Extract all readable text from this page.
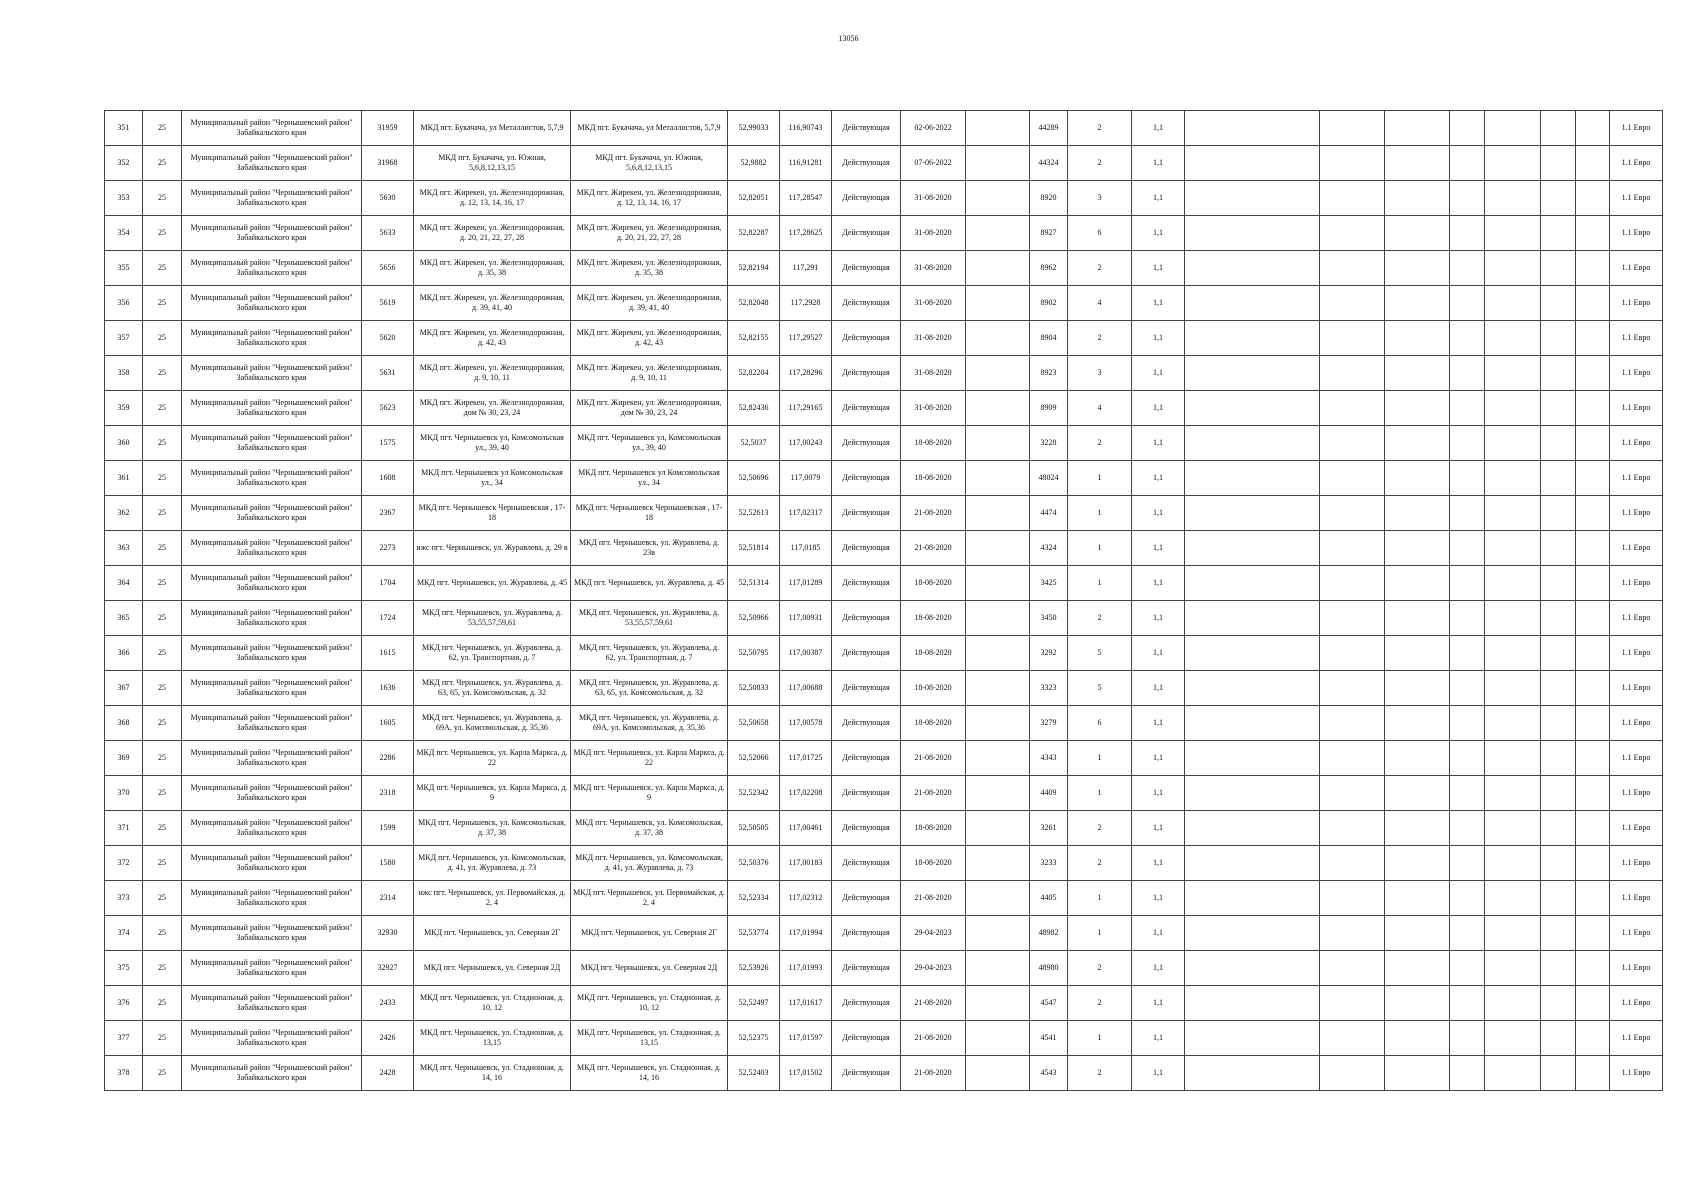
13056
351	25	Муниципальный район "Чернышевский район" Забайкальского края	31959	МКД пгт. Букачача, ул Металлистов, 5,7,9	МКД пгт. Букачача, ул Металлистов, 5,7,9	52,99033	116,90743	Действующая	02-06-2022		44289	2	1,1								1.1 Евро
352	25	Муниципальный район "Чернышевский район" Забайкальского края	31968	МКД пгт. Букачача, ул. Южная, 5,6,8,12,13,15	МКД пгт. Букачача, ул. Южная, 5,6,8,12,13,15	52,9882	116,91281	Действующая	07-06-2022		44324	2	1,1								1.1 Евро
353	25	Муниципальный район "Чернышевский район" Забайкальского края	5630	МКД пгт. Жирекен, ул. Железнодорожная, д. 12, 13, 14, 16, 17	МКД пгт. Жирекен, ул. Железнодорожная, д. 12, 13, 14, 16, 17	52,82051	117,28547	Действующая	31-08-2020		8920	3	1,1								1.1 Евро
354	25	Муниципальный район "Чернышевский район" Забайкальского края	5633	МКД пгт. Жирекен, ул. Железнодорожная, д. 20, 21, 22, 27, 28	МКД пгт. Жирекен, ул. Железнодорожная, д. 20, 21, 22, 27, 28	52,82287	117,28625	Действующая	31-08-2020		8927	6	1,1								1.1 Евро
355	25	Муниципальный район "Чернышевский район" Забайкальского края	5656	МКД пгт. Жирекен, ул. Железнодорожная, д. 35, 38	МКД пгт. Жирекен, ул. Железнодорожная, д. 35, 38	52,82194	117,291	Действующая	31-08-2020		8962	2	1,1								1.1 Евро
356	25	Муниципальный район "Чернышевский район" Забайкальского края	5619	МКД пгт. Жирекен, ул. Железнодорожная, д. 39, 41, 40	МКД пгт. Жирекен, ул. Железнодорожная, д. 39, 41, 40	52,82048	117,2928	Действующая	31-08-2020		8902	4	1,1								1.1 Евро
357	25	Муниципальный район "Чернышевский район" Забайкальского края	5620	МКД пгт. Жирекен, ул. Железнодорожная, д. 42, 43	МКД пгт. Жирекен, ул. Железнодорожная, д. 42, 43	52,82155	117,29527	Действующая	31-08-2020		8904	2	1,1								1.1 Евро
358	25	Муниципальный район "Чернышевский район" Забайкальского края	5631	МКД пгт. Жирекен, ул. Железнодорожная, д. 9, 10, 11	МКД пгт. Жирекен, ул. Железнодорожная, д. 9, 10, 11	52,82204	117,28296	Действующая	31-08-2020		8923	3	1,1								1.1 Евро
359	25	Муниципальный район "Чернышевский район" Забайкальского края	5623	МКД пгт. Жирекен, ул. Железнодорожная, дом № 30, 23, 24	МКД пгт. Жирекен, ул. Железнодорожная, дом № 30, 23, 24	52,82436	117,29165	Действующая	31-08-2020		8909	4	1,1								1.1 Евро
360	25	Муниципальный район "Чернышевский район" Забайкальского края	1575	МКД пгт. Чернышевск ул, Комсомольская ул., 39, 40	МКД пгт. Чернышевск ул, Комсомольская ул., 39, 40	52,5037	117,00243	Действующая	18-08-2020		3228	2	1,1								1.1 Евро
361	25	Муниципальный район "Чернышевский район" Забайкальского края	1608	МКД пгт. Чернышевск ул Комсомольская ул., 34	МКД пгт. Чернышевск ул Комсомольская ул., 34	52,50696	117,0079	Действующая	18-08-2020		48024	1	1,1								1.1 Евро
362	25	Муниципальный район "Чернышевский район" Забайкальского края	2367	МКД пгт. Чернышевск Чернышевская , 17-18	МКД пгт. Чернышевск Чернышевская , 17-18	52,52613	117,02317	Действующая	21-08-2020		4474	1	1,1								1.1 Евро
363	25	Муниципальный район "Чернышевский район" Забайкальского края	2273	ижс пгт. Чернышевск, ул. Журавлева, д. 29 в	МКД пгт. Чернышевск, ул. Журавлева, д. 23в	52,51814	117,0185	Действующая	21-08-2020		4324	1	1,1								1.1 Евро
364	25	Муниципальный район "Чернышевский район" Забайкальского края	1704	МКД пгт. Чернышевск, ул. Журавлева, д. 45	МКД пгт. Чернышевск, ул. Журавлева, д. 45	52,51314	117,01289	Действующая	18-08-2020		3425	1	1,1								1.1 Евро
365	25	Муниципальный район "Чернышевский район" Забайкальского края	1724	МКД пгт. Чернышевск, ул. Журавлева, д. 53,55,57,59,61	МКД пгт. Чернышевск, ул. Журавлева, д. 53,55,57,59,61	52,50966	117,00931	Действующая	18-08-2020		3450	2	1,1								1.1 Евро
366	25	Муниципальный район "Чернышевский район" Забайкальского края	1615	МКД пгт. Чернышевск, ул. Журавлева, д. 62, ул. Транспортная, д. 7	МКД пгт. Чернышевск, ул. Журавлева, д. 62, ул. Транспортная, д. 7	52,50795	117,00387	Действующая	18-08-2020		3292	5	1,1								1.1 Евро
367	25	Муниципальный район "Чернышевский район" Забайкальского края	1636	МКД пгт. Чернышевск, ул. Журавлева, д. 63, 65, ул. Комсомольская, д. 32	МКД пгт. Чернышевск, ул. Журавлева, д. 63, 65, ул. Комсомольская, д. 32	52,50833	117,00688	Действующая	18-08-2020		3323	5	1,1								1.1 Евро
368	25	Муниципальный район "Чернышевский район" Забайкальского края	1605	МКД пгт. Чернышевск, ул. Журавлева, д. 69А, ул. Комсомольская, д. 35,36	МКД пгт. Чернышевск, ул. Журавлева, д. 69А, ул. Комсомольская, д. 35,36	52,50658	117,00578	Действующая	18-08-2020		3279	6	1,1								1.1 Евро
369	25	Муниципальный район "Чернышевский район" Забайкальского края	2286	МКД пгт. Чернышевск, ул. Карла Маркса, д. 22	МКД пгт. Чернышевск, ул. Карла Маркса, д. 22	52,52066	117,01725	Действующая	21-08-2020		4343	1	1,1								1.1 Евро
370	25	Муниципальный район "Чернышевский район" Забайкальского края	2318	МКД пгт. Чернышевск, ул. Карла Маркса, д. 9	МКД пгт. Чернышевск, ул. Карла Маркса, д. 9	52,52342	117,02208	Действующая	21-08-2020		4409	1	1,1								1.1 Евро
371	25	Муниципальный район "Чернышевский район" Забайкальского края	1599	МКД пгт. Чернышевск, ул. Комсомольская, д. 37, 38	МКД пгт. Чернышевск, ул. Комсомольская, д. 37, 38	52,50505	117,00461	Действующая	18-08-2020		3261	2	1,1								1.1 Евро
372	25	Муниципальный район "Чернышевский район" Забайкальского края	1580	МКД пгт. Чернышевск, ул. Комсомольская, д. 41, ул. Журавлева, д. 73	МКД пгт. Чернышевск, ул. Комсомольская, д. 41, ул. Журавлева, д. 73	52,50376	117,00183	Действующая	18-08-2020		3233	2	1,1								1.1 Евро
373	25	Муниципальный район "Чернышевский район" Забайкальского края	2314	ижс пгт. Чернышевск, ул. Первомайская, д. 2, 4	МКД пгт. Чернышевск, ул. Первомайская, д. 2, 4	52,52334	117,02312	Действующая	21-08-2020		4405	1	1,1								1.1 Евро
374	25	Муниципальный район "Чернышевский район" Забайкальского края	32930	МКД пгт. Чернышевск, ул. Северная 2Г	МКД пгт. Чернышевск, ул. Северная 2Г	52,53774	117,01994	Действующая	29-04-2023		48982	1	1,1								1.1 Евро
375	25	Муниципальный район "Чернышевский район" Забайкальского края	32927	МКД пгт. Чернышевск, ул. Северная 2Д	МКД пгт. Чернышевск, ул. Северная 2Д	52,53926	117,01993	Действующая	29-04-2023		48980	2	1,1								1.1 Евро
376	25	Муниципальный район "Чернышевский район" Забайкальского края	2433	МКД пгт. Чернышевск, ул. Стадионная, д. 10, 12	МКД пгт. Чернышевск, ул. Стадионная, д. 10, 12	52,52497	117,01617	Действующая	21-08-2020		4547	2	1,1								1.1 Евро
377	25	Муниципальный район "Чернышевский район" Забайкальского края	2426	МКД пгт. Чернышевск, ул. Стадионная, д. 13,15	МКД пгт. Чернышевск, ул. Стадионная, д. 13,15	52,52375	117,01597	Действующая	21-08-2020		4541	1	1,1								1.1 Евро
378	25	Муниципальный район "Чернышевский район" Забайкальского края	2428	МКД пгт. Чернышевск, ул. Стадионная, д. 14, 16	МКД пгт. Чернышевск, ул. Стадионная, д. 14, 16	52,52403	117,01502	Действующая	21-08-2020		4543	2	1,1								1.1 Евро
